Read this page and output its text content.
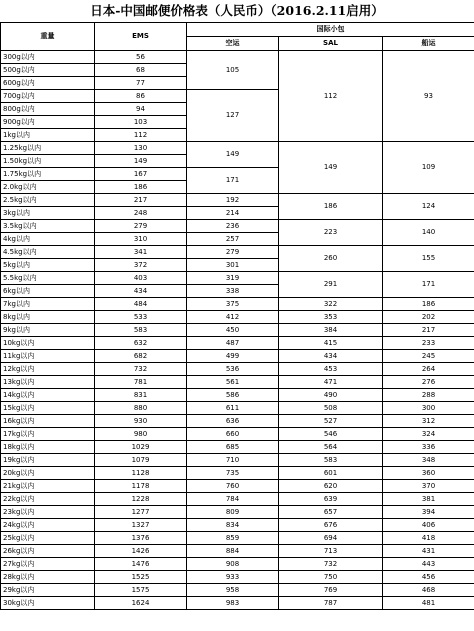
日本-中国邮便价格表（人民币）（2016.2.11启用）
重量	EMS	国际小包		
		空运	SAL	船运
300g以内	56	105	112	93
500g以内	68			
600g以内	77			
700g以内	86	127		
800g以内	94			
900g以内	103			
1kg以内	112			
1.25kg以内	130	149	149	109
1.50kg以内	149			
1.75kg以内	167	171		
2.0kg以内	186			
2.5kg以内	217	192	186	124
3kg以内	248	214		
3.5kg以内	279	236	223	140
4kg以内	310	257		
4.5kg以内	341	279	260	155
5kg以内	372	301		
5.5kg以内	403	319	291	171
6kg以内	434	338		
7kg以内	484	375	322	186
8kg以内	533	412	353	202
9kg以内	583	450	384	217
10kg以内	632	487	415	233
11kg以内	682	499	434	245
12kg以内	732	536	453	264
13kg以内	781	561	471	276
14kg以内	831	586	490	288
15kg以内	880	611	508	300
16kg以内	930	636	527	312
17kg以内	980	660	546	324
18kg以内	1029	685	564	336
19kg以内	1079	710	583	348
20kg以内	1128	735	601	360
21kg以内	1178	760	620	370
22kg以内	1228	784	639	381
23kg以内	1277	809	657	394
24kg以内	1327	834	676	406
25kg以内	1376	859	694	418
26kg以内	1426	884	713	431
27kg以内	1476	908	732	443
28kg以内	1525	933	750	456
29kg以内	1575	958	769	468
30kg以内	1624	983	787	481
